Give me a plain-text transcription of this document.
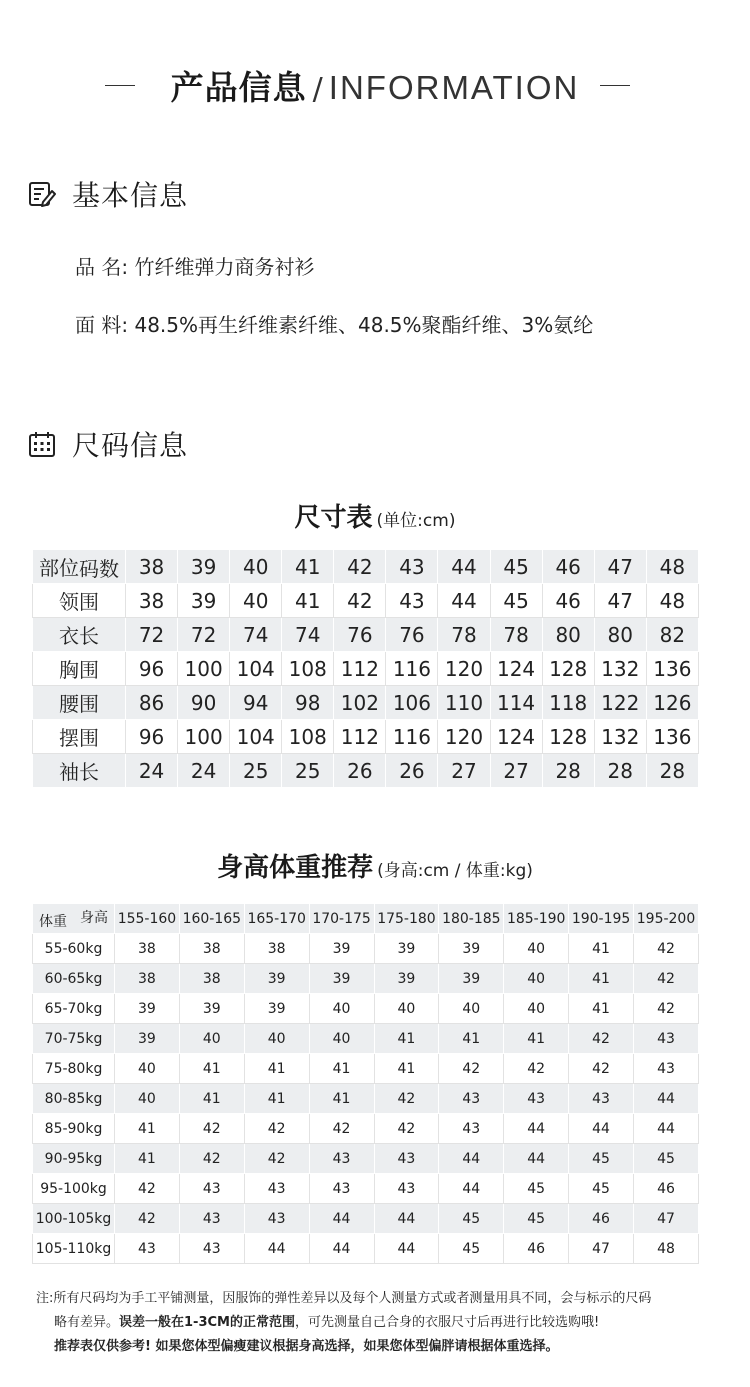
产品信息 / INFORMATION
基本信息
品 名: 竹纤维弹力商务衬衫
面 料: 48.5%再生纤维素纤维、48.5%聚酯纤维、3%氨纶
尺码信息
尺寸表 (单位:cm)
码数
部位	38	39	40	41	42	43	44	45	46	47	48
领围	38	39	40	41	42	43	44	45	46	47	48
衣长	72	72	74	74	76	76	78	78	80	80	82
胸围	96	100	104	108	112	116	120	124	128	132	136
腰围	86	90	94	98	102	106	110	114	118	122	126
摆围	96	100	104	108	112	116	120	124	128	132	136
袖长	24	24	25	25	26	26	27	27	28	28	28
身高体重推荐 (身高:cm / 体重:kg)
身高
体重	155-160	160-165	165-170	170-175	175-180	180-185	185-190	190-195	195-200
55-60kg	38	38	38	39	39	39	40	41	42
60-65kg	38	38	39	39	39	39	40	41	42
65-70kg	39	39	39	40	40	40	40	41	42
70-75kg	39	40	40	40	41	41	41	42	43
75-80kg	40	41	41	41	41	42	42	42	43
80-85kg	40	41	41	41	42	43	43	43	44
85-90kg	41	42	42	42	42	43	44	44	44
90-95kg	41	42	42	43	43	44	44	45	45
95-100kg	42	43	43	43	43	44	45	45	46
100-105kg	42	43	43	44	44	45	45	46	47
105-110kg	43	43	44	44	44	45	46	47	48
注:所有尺码均为手工平铺测量，因服饰的弹性差异以及每个人测量方式或者测量用具不同，会与标示的尺码
略有差异。误差一般在1-3CM的正常范围，可先测量自己合身的衣服尺寸后再进行比较选购哦!
推荐表仅供参考! 如果您体型偏瘦建议根据身高选择，如果您体型偏胖请根据体重选择。
